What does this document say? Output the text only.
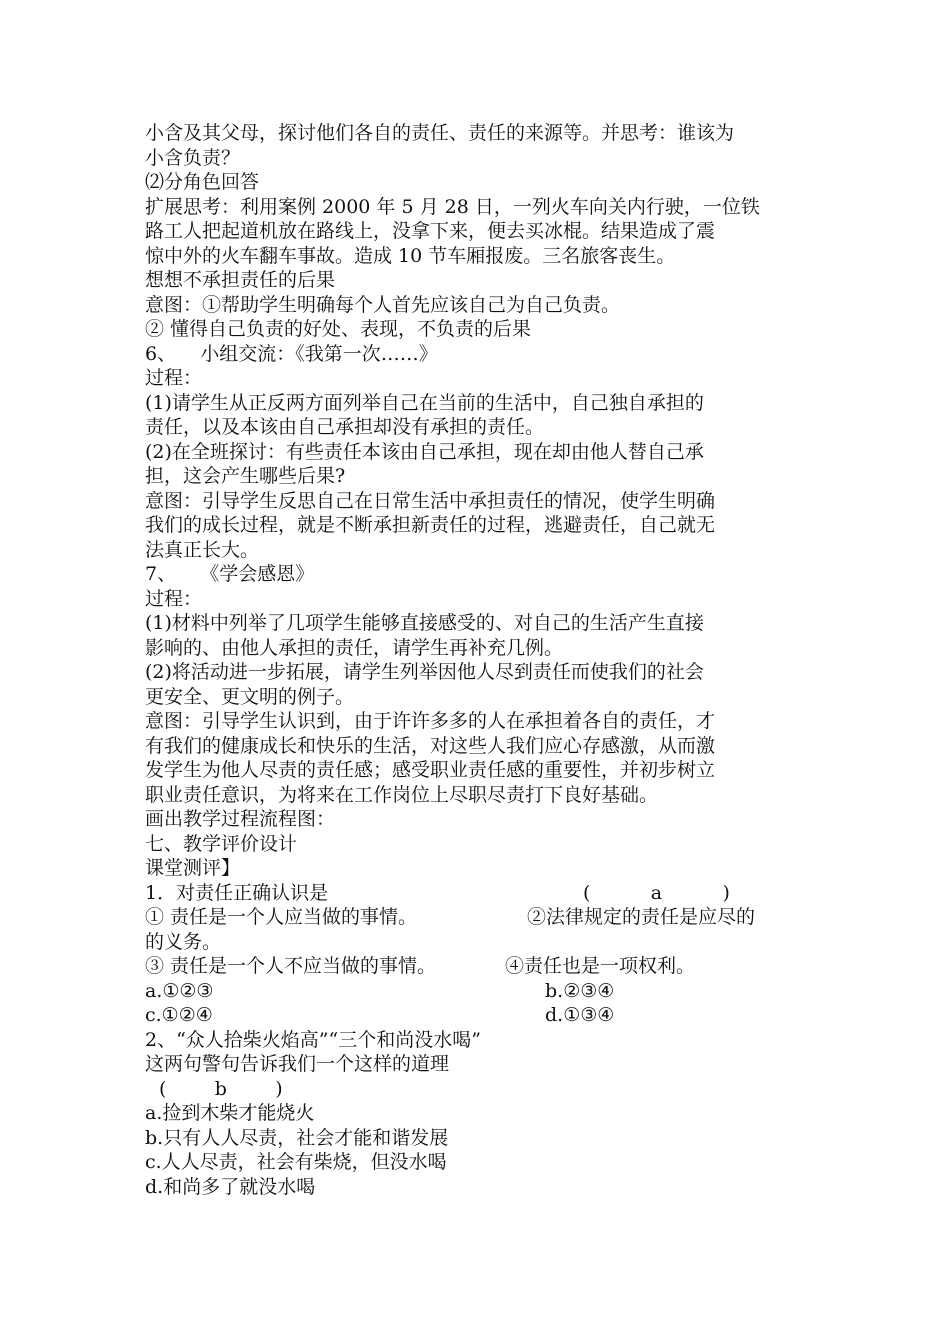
小含及其父母，探讨他们各自的责任、责任的来源等。并思考：谁该为
小含负责？
⑵分角色回答
扩展思考：利用案例 2000 年 5 月 28 日，一列火车向关内行驶，一位铁
路工人把起道机放在路线上，没拿下来，便去买冰棍。结果造成了震
惊中外的火车翻车事故。造成 10 节车厢报废。三名旅客丧生。
想想不承担责任的后果
意图：①帮助学生明确每个人首先应该自己为自己负责。
② 懂得自己负责的好处、表现，不负责的后果
6、    小组交流：《我第一次……》
过程：
(1)请学生从正反两方面列举自己在当前的生活中，自己独自承担的
责任，以及本该由自己承担却没有承担的责任。
(2)在全班探讨：有些责任本该由自己承担，现在却由他人替自己承
担，这会产生哪些后果?
意图：引导学生反思自己在日常生活中承担责任的情况，使学生明确
我们的成长过程，就是不断承担新责任的过程，逃避责任，自己就无
法真正长大。
7、    《学会感恩》
过程：
(1)材料中列举了几项学生能够直接感受的、对自己的生活产生直接
影响的、由他人承担的责任，请学生再补充几例。
(2)将活动进一步拓展，请学生列举因他人尽到责任而使我们的社会
更安全、更文明的例子。
意图：引导学生认识到，由于许许多多的人在承担着各自的责任，才
有我们的健康成长和快乐的生活，对这些人我们应心存感激，从而激
发学生为他人尽责的责任感；感受职业责任感的重要性，并初步树立
职业责任意识，为将来在工作岗位上尽职尽责打下良好基础。
画出教学过程流程图：
七、教学评价设计
课堂测评】
1．对责任正确认识是	(          a          )
① 责任是一个人应当做的事情。	②法律规定的责任是应尽的
的义务。
③ 责任是一个人不应当做的事情。	④责任也是一项权利。
a.①②③	b.②③④
c.①②④	d.①③④
2、“众人拾柴火焰高”“三个和尚没水喝”
这两句警句告诉我们一个这样的道理
(        b        )
a.捡到木柴才能烧火
b.只有人人尽责，社会才能和谐发展
c.人人尽责，社会有柴烧，但没水喝
d.和尚多了就没水喝
